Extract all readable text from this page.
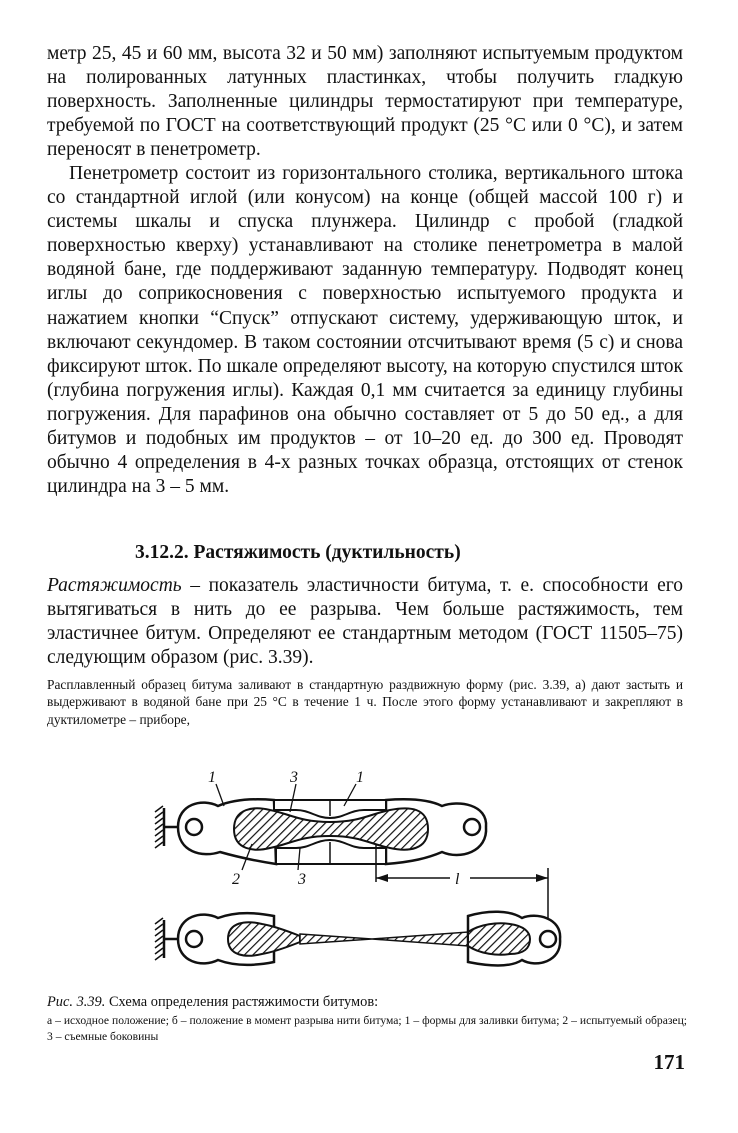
метр 25, 45 и 60 мм, высота 32 и 50 мм) заполняют испытуемым продуктом на полированных латунных пластинках, чтобы получить гладкую поверхность. Заполненные цилиндры термостатируют при температуре, требуемой по ГОСТ на соответствующий продукт (25 °С или 0 °С), и затем переносят в пенетрометр.

Пенетрометр состоит из горизонтального столика, вертикального штока со стандартной иглой (или конусом) на конце (общей массой 100 г) и системы шкалы и спуска плунжера. Цилиндр с пробой (гладкой поверхностью кверху) устанавливают на столике пенетрометра в малой водяной бане, где поддерживают заданную температуру. Подводят конец иглы до соприкосновения с поверхностью испытуемого продукта и нажатием кнопки “Спуск” отпускают систему, удерживающую шток, и включают секундомер. В таком состоянии отсчитывают время (5 с) и снова фиксируют шток. По шкале определяют высоту, на которую спустился шток (глубина погружения иглы). Каждая 0,1 мм считается за единицу глубины погружения. Для парафинов она обычно составляет от 5 до 50 ед., а для битумов и подобных им продуктов – от 10–20 ед. до 300 ед. Проводят обычно 4 определения в 4-х разных точках образца, отстоящих от стенок цилиндра на 3 – 5 мм.

3.12.2. Растяжимость (дуктильность)

Растяжимость – показатель эластичности битума, т. е. способности его вытягиваться в нить до ее разрыва. Чем больше растяжимость, тем эластичнее битум. Определяют ее стандартным методом (ГОСТ 11505–75) следующим образом (рис. 3.39).

Расплавленный образец битума заливают в стандартную раздвижную форму (рис. 3.39, а) дают застыть и выдерживают в водяной бане при 25 °С в течение 1 ч. После этого форму устанавливают и закрепляют в дуктилометре – приборе,

1	3	1
2	3	l

Рис. 3.39. Схема определения растяжимости битумов:

а – исходное положение; б – положение в момент разрыва нити битума; 1 – формы для заливки битума; 2 – испытуемый образец; 3 – съемные боковины

171
